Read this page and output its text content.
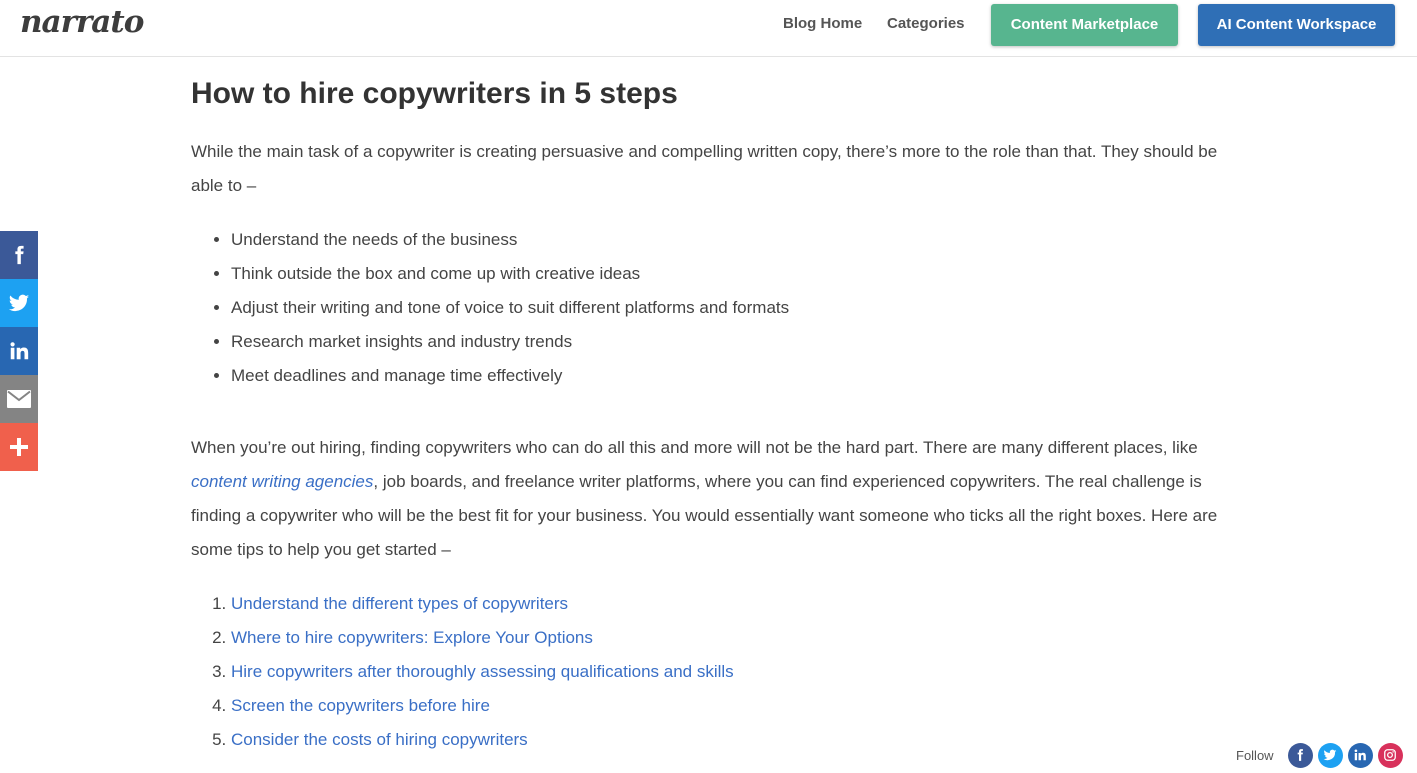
narrato	Blog Home Categories	Content Marketplace	AI Content Workspace
How to hire copywriters in 5 steps

While the main task of a copywriter is creating persuasive and compelling written copy, there’s more to the role than that. They should be able to –

• Understand the needs of the business
• Think outside the box and come up with creative ideas
• Adjust their writing and tone of voice to suit different platforms and formats
• Research market insights and industry trends
• Meet deadlines and manage time effectively

When you’re out hiring, finding copywriters who can do all this and more will not be the hard part. There are many different places, like content writing agencies, job boards, and freelance writer platforms, where you can find experienced copywriters. The real challenge is finding a copywriter who will be the best fit for your business. You would essentially want someone who ticks all the right boxes. Here are some tips to help you get started –

1. Understand the different types of copywriters
2. Where to hire copywriters: Explore Your Options
3. Hire copywriters after thoroughly assessing qualifications and skills
4. Screen the copywriters before hire
5. Consider the costs of hiring copywriters
Follow
